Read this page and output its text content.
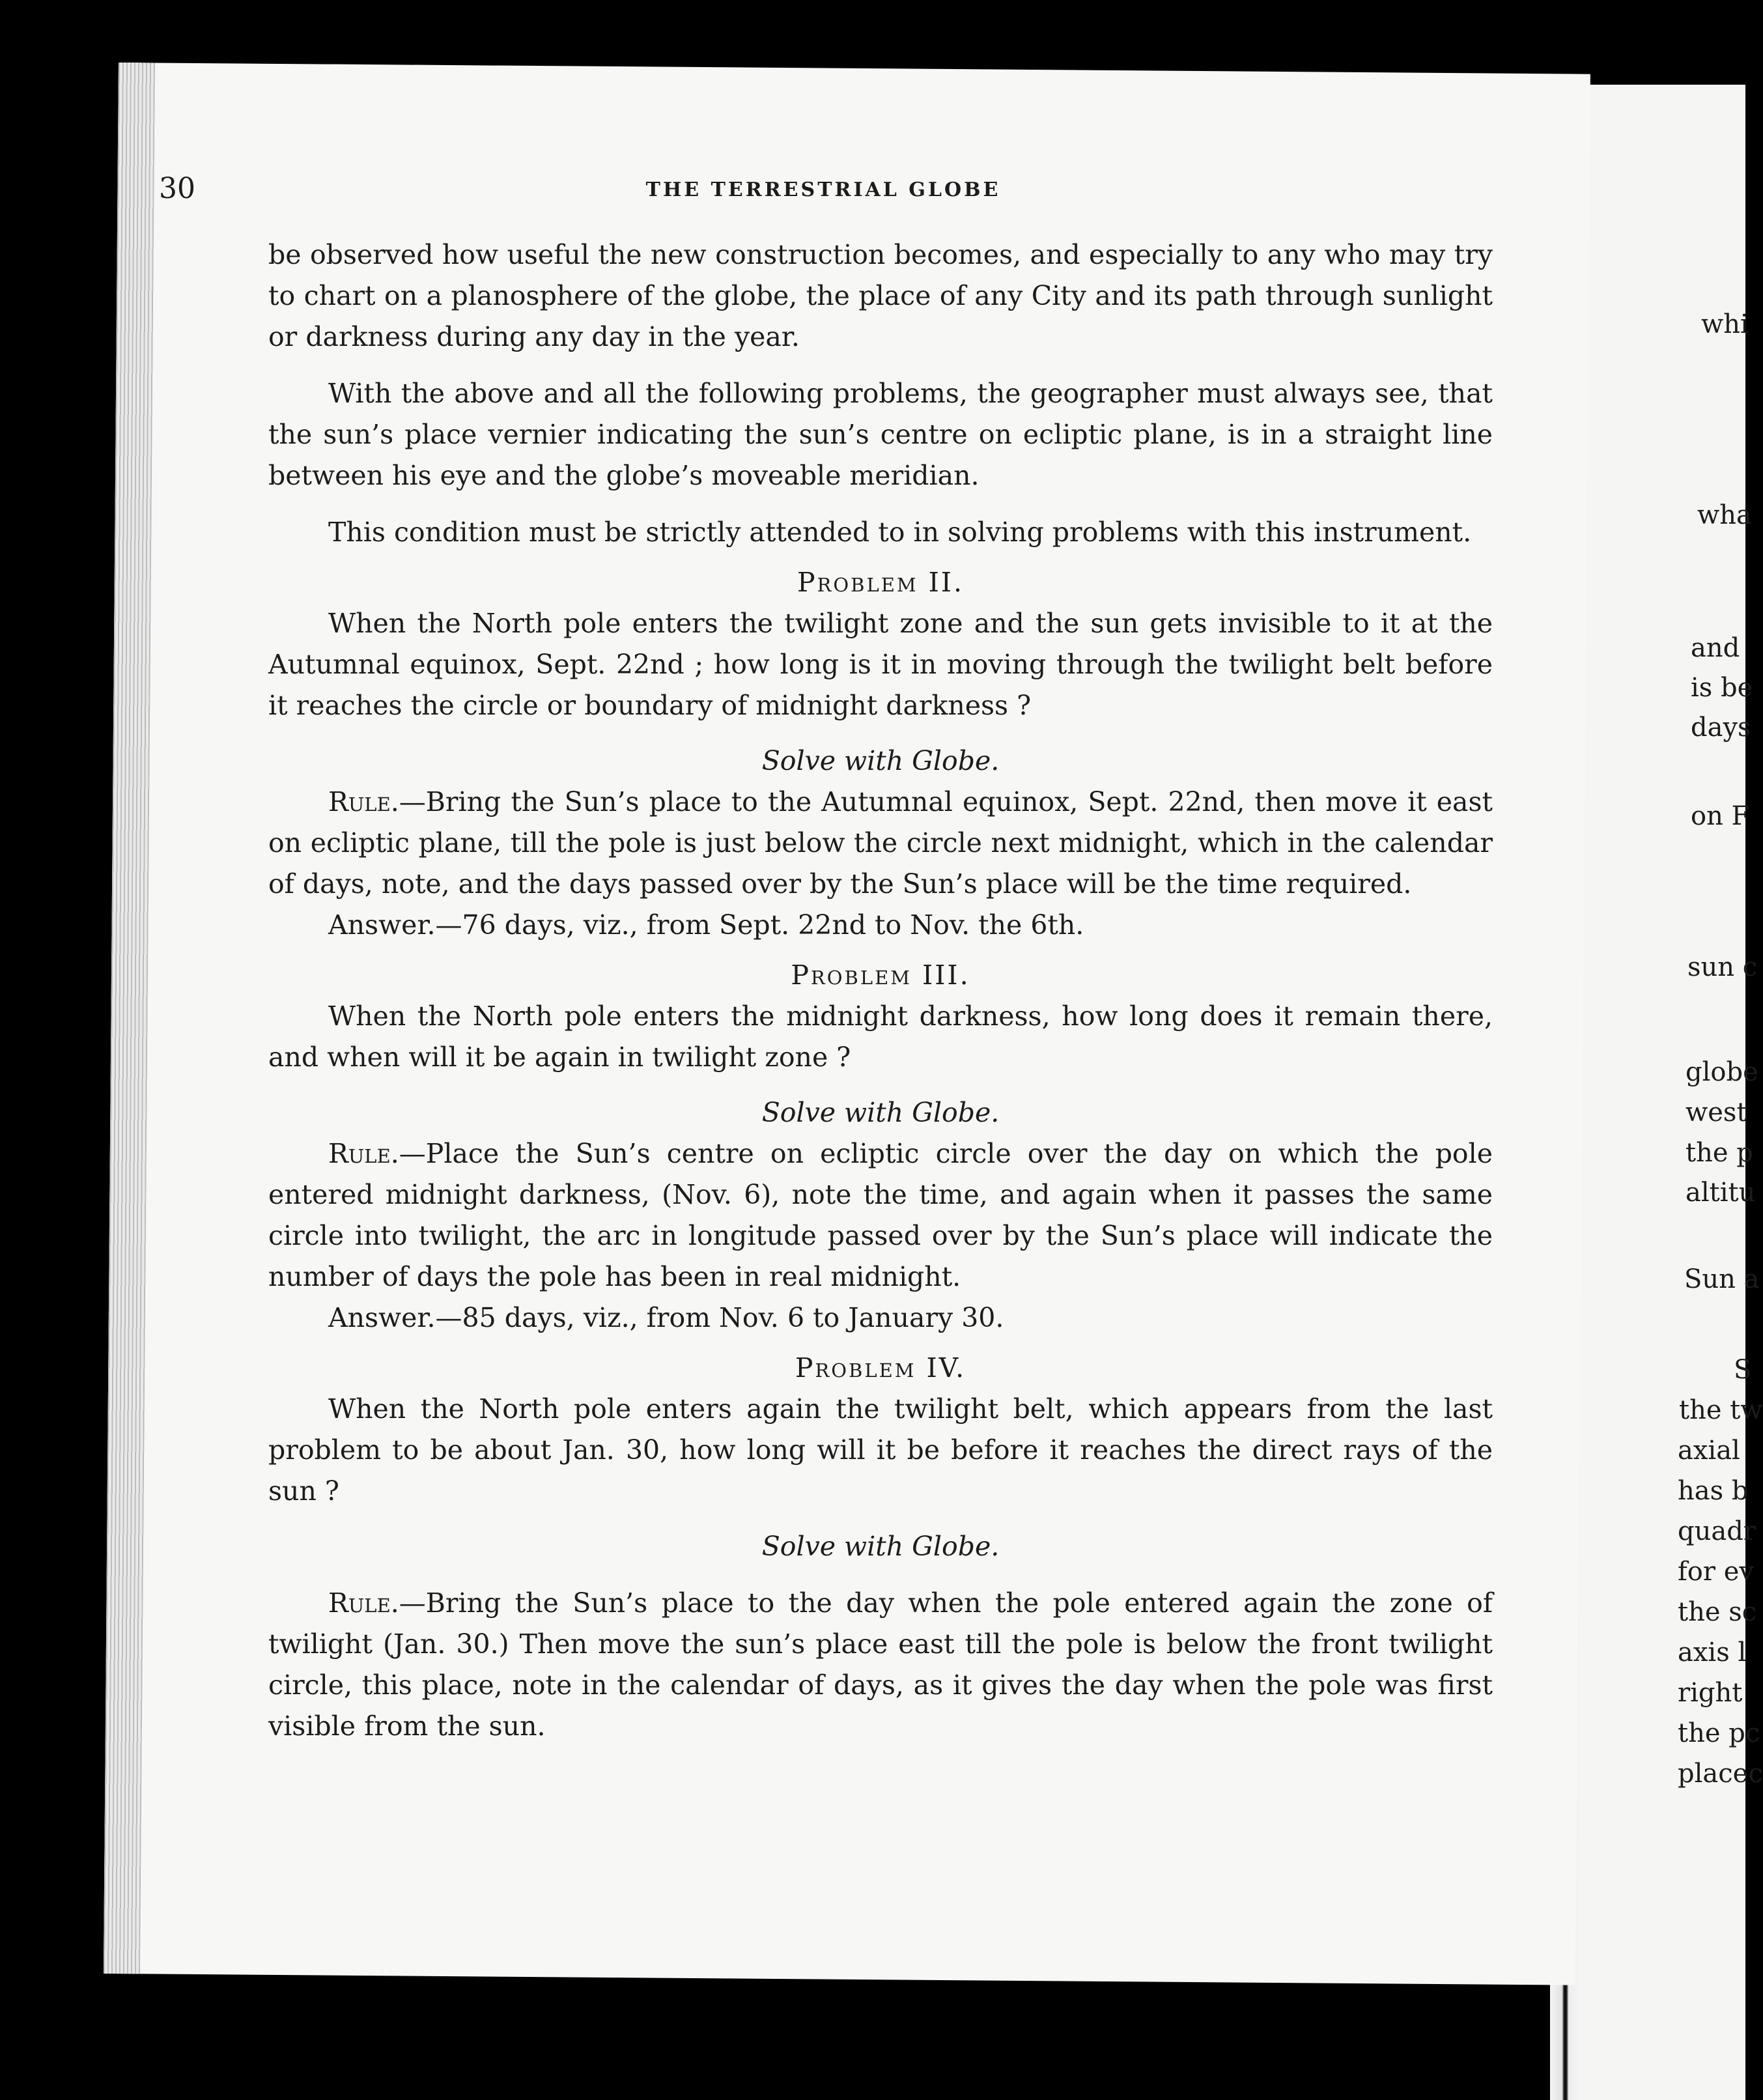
whi
wha
and
is be
days
on F
sun c
globe
west
the p
altitu
Sun a
S
the tw
axial
has b
quadr
for ev
the sc
axis l
right
the pc
placec
30	THE TERRESTRIAL GLOBE

be observed how useful the new construction becomes, and especially to any who may try to chart on a planosphere of the globe, the place of any City and its path through sunlight or darkness during any day in the year.

With the above and all the following problems, the geographer must always see, that the sun’s place vernier indicating the sun’s centre on ecliptic plane, is in a straight line between his eye and the globe’s moveable meridian.

This condition must be strictly attended to in solving problems with this instrument.

Problem II.

When the North pole enters the twilight zone and the sun gets invisible to it at the Autumnal equinox, Sept. 22nd ; how long is it in moving through the twilight belt before it reaches the circle or boundary of midnight darkness ?

Solve with Globe.

Rule.—Bring the Sun’s place to the Autumnal equinox, Sept. 22nd, then move it east on ecliptic plane, till the pole is just below the circle next midnight, which in the calendar of days, note, and the days passed over by the Sun’s place will be the time required.

Answer.—76 days, viz., from Sept. 22nd to Nov. the 6th.

Problem III.

When the North pole enters the midnight darkness, how long does it remain there, and when will it be again in twilight zone ?

Solve with Globe.

Rule.—Place the Sun’s centre on ecliptic circle over the day on which the pole entered midnight darkness, (Nov. 6), note the time, and again when it passes the same circle into twilight, the arc in longitude passed over by the Sun’s place will indicate the number of days the pole has been in real midnight.

Answer.—85 days, viz., from Nov. 6 to January 30.

Problem IV.

When the North pole enters again the twilight belt, which appears from the last problem to be about Jan. 30, how long will it be before it reaches the direct rays of the sun ?

Solve with Globe.

Rule.—Bring the Sun’s place to the day when the pole entered again the zone of twilight (Jan. 30.) Then move the sun’s place east till the pole is below the front twilight circle, this place, note in the calendar of days, as it gives the day when the pole was first visible from the sun.
